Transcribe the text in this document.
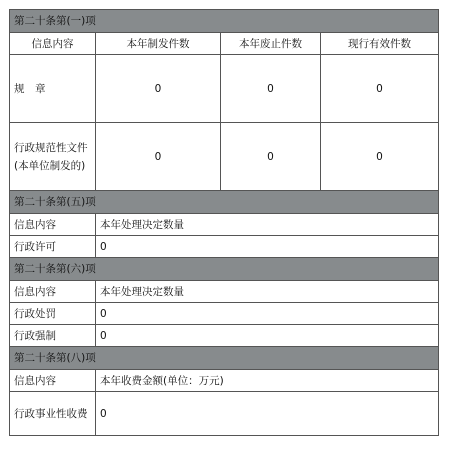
第二十条第(一)项			
信息内容	本年制发件数	本年废止件数	现行有效件数
规　章	0	0	0
行政规范性文件(本单位制发的)	0	0	0
第二十条第(五)项			
信息内容	本年处理决定数量		
行政许可	0		
第二十条第(六)项			
信息内容	本年处理决定数量		
行政处罚	0		
行政强制	0		
第二十条第(八)项			
信息内容	本年收费金额(单位：万元)		
行政事业性收费	0		
